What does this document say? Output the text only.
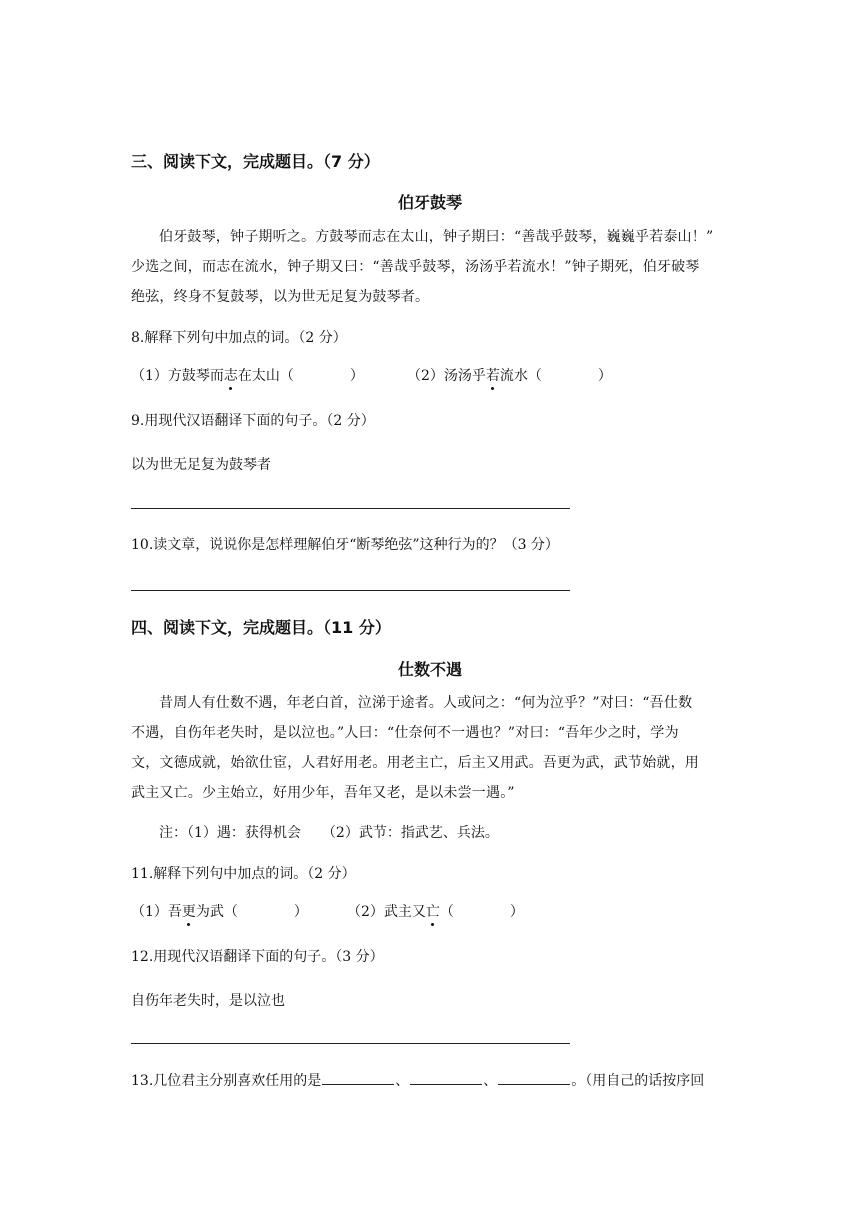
三、阅读下文，完成题目。（7 分）
伯牙鼓琴
伯牙鼓琴，钟子期听之。方鼓琴而志在太山，钟子期曰：“善哉乎鼓琴，巍巍乎若泰山！”
少选之间，而志在流水，钟子期又曰：“善哉乎鼓琴，汤汤乎若流水！”钟子期死，伯牙破琴
绝弦，终身不复鼓琴，以为世无足复为鼓琴者。
8.解释下列句中加点的词。（2 分）
（1）方鼓琴而志在太山（　　　　）	（2）汤汤乎若流水（　　　　）
9.用现代汉语翻译下面的句子。（2 分）
以为世无足复为鼓琴者
10.读文章，说说你是怎样理解伯牙“断琴绝弦”这种行为的？（3 分）
四、阅读下文，完成题目。（11 分）
仕数不遇
昔周人有仕数不遇，年老白首，泣涕于途者。人或问之：“何为泣乎？”对曰：“吾仕数
不遇，自伤年老失时，是以泣也。”人曰：“仕奈何不一遇也？”对曰：“吾年少之时，学为
文，文德成就，始欲仕宦，人君好用老。用老主亡，后主又用武。吾更为武，武节始就，用
武主又亡。少主始立，好用少年，吾年又老，是以未尝一遇。”
注：（1）遇：获得机会　　（2）武节：指武艺、兵法。
11.解释下列句中加点的词。（2 分）
（1）吾更为武（　　　　）	（2）武主又亡（　　　　）
12.用现代汉语翻译下面的句子。（3 分）
自伤年老失时，是以泣也
13.几位君主分别喜欢任用的是	、	、	。（用自己的话按序回
